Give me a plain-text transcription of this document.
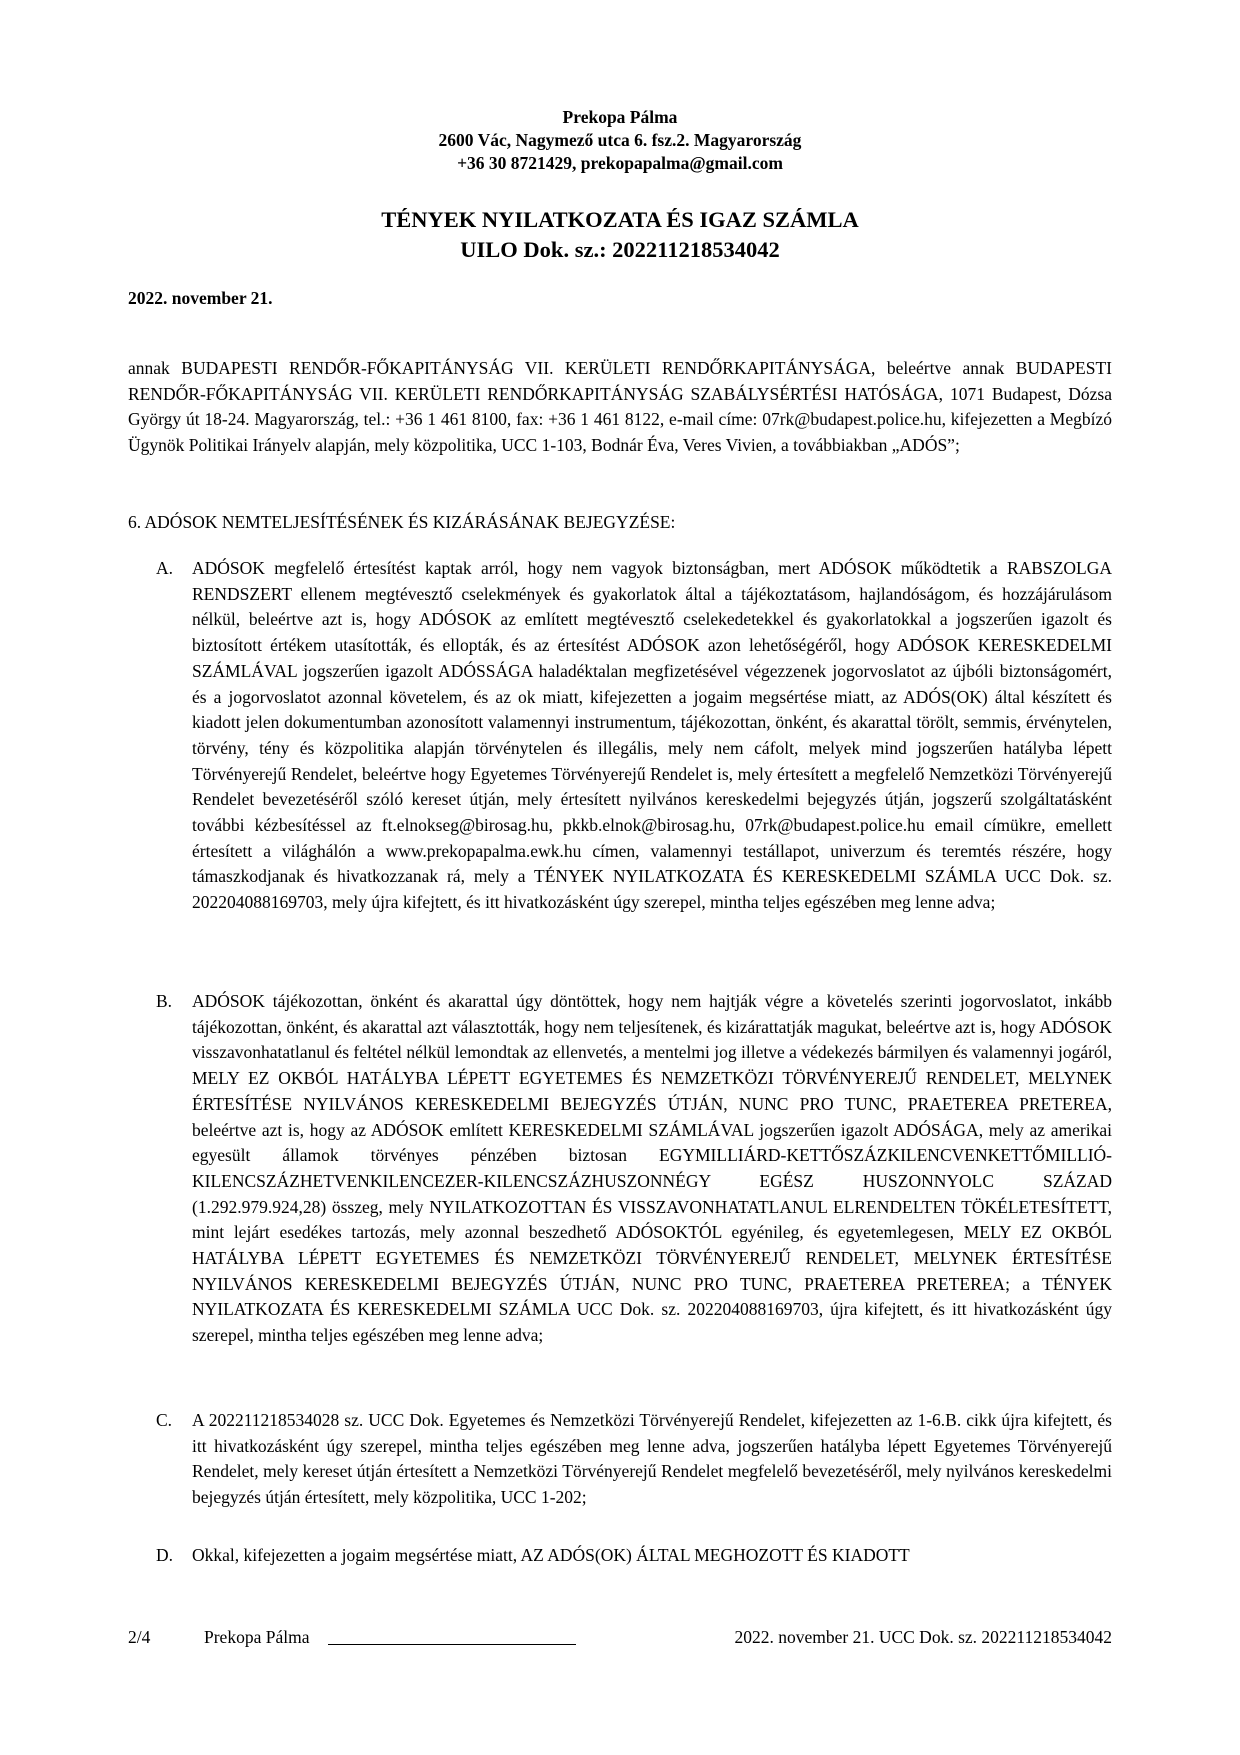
Prekopa Pálma
2600 Vác, Nagymező utca 6. fsz.2. Magyarország
+36 30 8721429, prekopapalma@gmail.com
TÉNYEK NYILATKOZATA ÉS IGAZ SZÁMLA
UILO Dok. sz.: 202211218534042
2022. november 21.
annak BUDAPESTI RENDŐR-FŐKAPITÁNYSÁG VII. KERÜLETI RENDŐRKAPITÁNYSÁGA, beleértve annak BUDAPESTI RENDŐR-FŐKAPITÁNYSÁG VII. KERÜLETI RENDŐRKAPITÁNYSÁG SZABÁLYSÉRTÉSI HATÓSÁGA, 1071 Budapest, Dózsa György út 18-24. Magyarország, tel.: +36 1 461 8100, fax: +36 1 461 8122, e-mail címe: 07rk@budapest.police.hu, kifejezetten a Megbízó Ügynök Politikai Irányelv alapján, mely közpolitika, UCC 1-103, Bodnár Éva, Veres Vivien, a továbbiakban „ADÓS”;
6. ADÓSOK NEMTELJESÍTÉSÉNEK ÉS KIZÁRÁSÁNAK BEJEGYZÉSE:
A. ADÓSOK megfelelő értesítést kaptak arról, hogy nem vagyok biztonságban, mert ADÓSOK működtetik a RABSZOLGA RENDSZERT ellenem megtévesztő cselekmények és gyakorlatok által a tájékoztatásom, hajlandóságom, és hozzájárulásom nélkül, beleértve azt is, hogy ADÓSOK az említett megtévesztő cselekedetekkel és gyakorlatokkal a jogszerűen igazolt és biztosított értékem utasították, és ellopták, és az értesítést ADÓSOK azon lehetőségéről, hogy ADÓSOK KERESKEDELMI SZÁMLÁVAL jogszerűen igazolt ADÓSSÁGA haladéktalan megfizetésével végezzenek jogorvoslatot az újbóli biztonságomért, és a jogorvoslatot azonnal követelem, és az ok miatt, kifejezetten a jogaim megsértése miatt, az ADÓS(OK) által készített és kiadott jelen dokumentumban azonosított valamennyi instrumentum, tájékozottan, önként, és akarattal törölt, semmis, érvénytelen, törvény, tény és közpolitika alapján törvénytelen és illegális, mely nem cáfolt, melyek mind jogszerűen hatályba lépett Törvényerejű Rendelet, beleértve hogy Egyetemes Törvényerejű Rendelet is, mely értesített a megfelelő Nemzetközi Törvényerejű Rendelet bevezetéséről szóló kereset útján, mely értesített nyilvános kereskedelmi bejegyzés útján, jogszerű szolgáltatásként további kézbesítéssel az ft.elnokseg@birosag.hu, pkkb.elnok@birosag.hu, 07rk@budapest.police.hu email címükre, emellett értesített a világhálón a www.prekopapalma.ewk.hu címen, valamennyi testállapot, univerzum és teremtés részére, hogy támaszkodjanak és hivatkozzanak rá, mely a TÉNYEK NYILATKOZATA ÉS KERESKEDELMI SZÁMLA UCC Dok. sz. 202204088169703, mely újra kifejtett, és itt hivatkozásként úgy szerepel, mintha teljes egészében meg lenne adva;
B. ADÓSOK tájékozottan, önként és akarattal úgy döntöttek, hogy nem hajtják végre a követelés szerinti jogorvoslatot, inkább tájékozottan, önként, és akarattal azt választották, hogy nem teljesítenek, és kizárattatják magukat, beleértve azt is, hogy ADÓSOK visszavonhatatlanul és feltétel nélkül lemondtak az ellenvetés, a mentelmi jog illetve a védekezés bármilyen és valamennyi jogáról, MELY EZ OKBÓL HATÁLYBA LÉPETT EGYETEMES ÉS NEMZETKÖZI TÖRVÉNYEREJŰ RENDELET, MELYNEK ÉRTESÍTÉSE NYILVÁNOS KERESKEDELMI BEJEGYZÉS ÚTJÁN, NUNC PRO TUNC, PRAETEREA PRETEREA, beleértve azt is, hogy az ADÓSOK említett KERESKEDELMI SZÁMLÁVAL jogszerűen igazolt ADÓSÁGA, mely az amerikai egyesült államok törvényes pénzében biztosan EGYMILLIÁRD-KETTŐSZÁZKILENCVENKETTŐMILLIÓ-KILENCSZÁZHETVENKILENCEZER-KILENCSZÁZHUSZONNÉGY EGÉSZ HUSZONNYOLC SZÁZAD (1.292.979.924,28) összeg, mely NYILATKOZOTTAN ÉS VISSZAVONHATATLANUL ELRENDELTEN TÖKÉLETESÍTETT, mint lejárt esedékes tartozás, mely azonnal beszedhető ADÓSOKTÓL egyénileg, és egyetemlegesen, MELY EZ OKBÓL HATÁLYBA LÉPETT EGYETEMES ÉS NEMZETKÖZI TÖRVÉNYEREJŰ RENDELET, MELYNEK ÉRTESÍTÉSE NYILVÁNOS KERESKEDELMI BEJEGYZÉS ÚTJÁN, NUNC PRO TUNC, PRAETEREA PRETEREA; a TÉNYEK NYILATKOZATA ÉS KERESKEDELMI SZÁMLA UCC Dok. sz. 202204088169703, újra kifejtett, és itt hivatkozásként úgy szerepel, mintha teljes egészében meg lenne adva;
C. A 202211218534028 sz. UCC Dok. Egyetemes és Nemzetközi Törvényerejű Rendelet, kifejezetten az 1-6.B. cikk újra kifejtett, és itt hivatkozásként úgy szerepel, mintha teljes egészében meg lenne adva, jogszerűen hatályba lépett Egyetemes Törvényerejű Rendelet, mely kereset útján értesített a Nemzetközi Törvényerejű Rendelet megfelelő bevezetéséről, mely nyilvános kereskedelmi bejegyzés útján értesített, mely közpolitika, UCC 1-202;
D. Okkal, kifejezetten a jogaim megsértése miatt, AZ ADÓS(OK) ÁLTAL MEGHOZOTT ÉS KIADOTT
2/4	Prekopa Pálma	2022. november 21. UCC Dok. sz. 202211218534042
